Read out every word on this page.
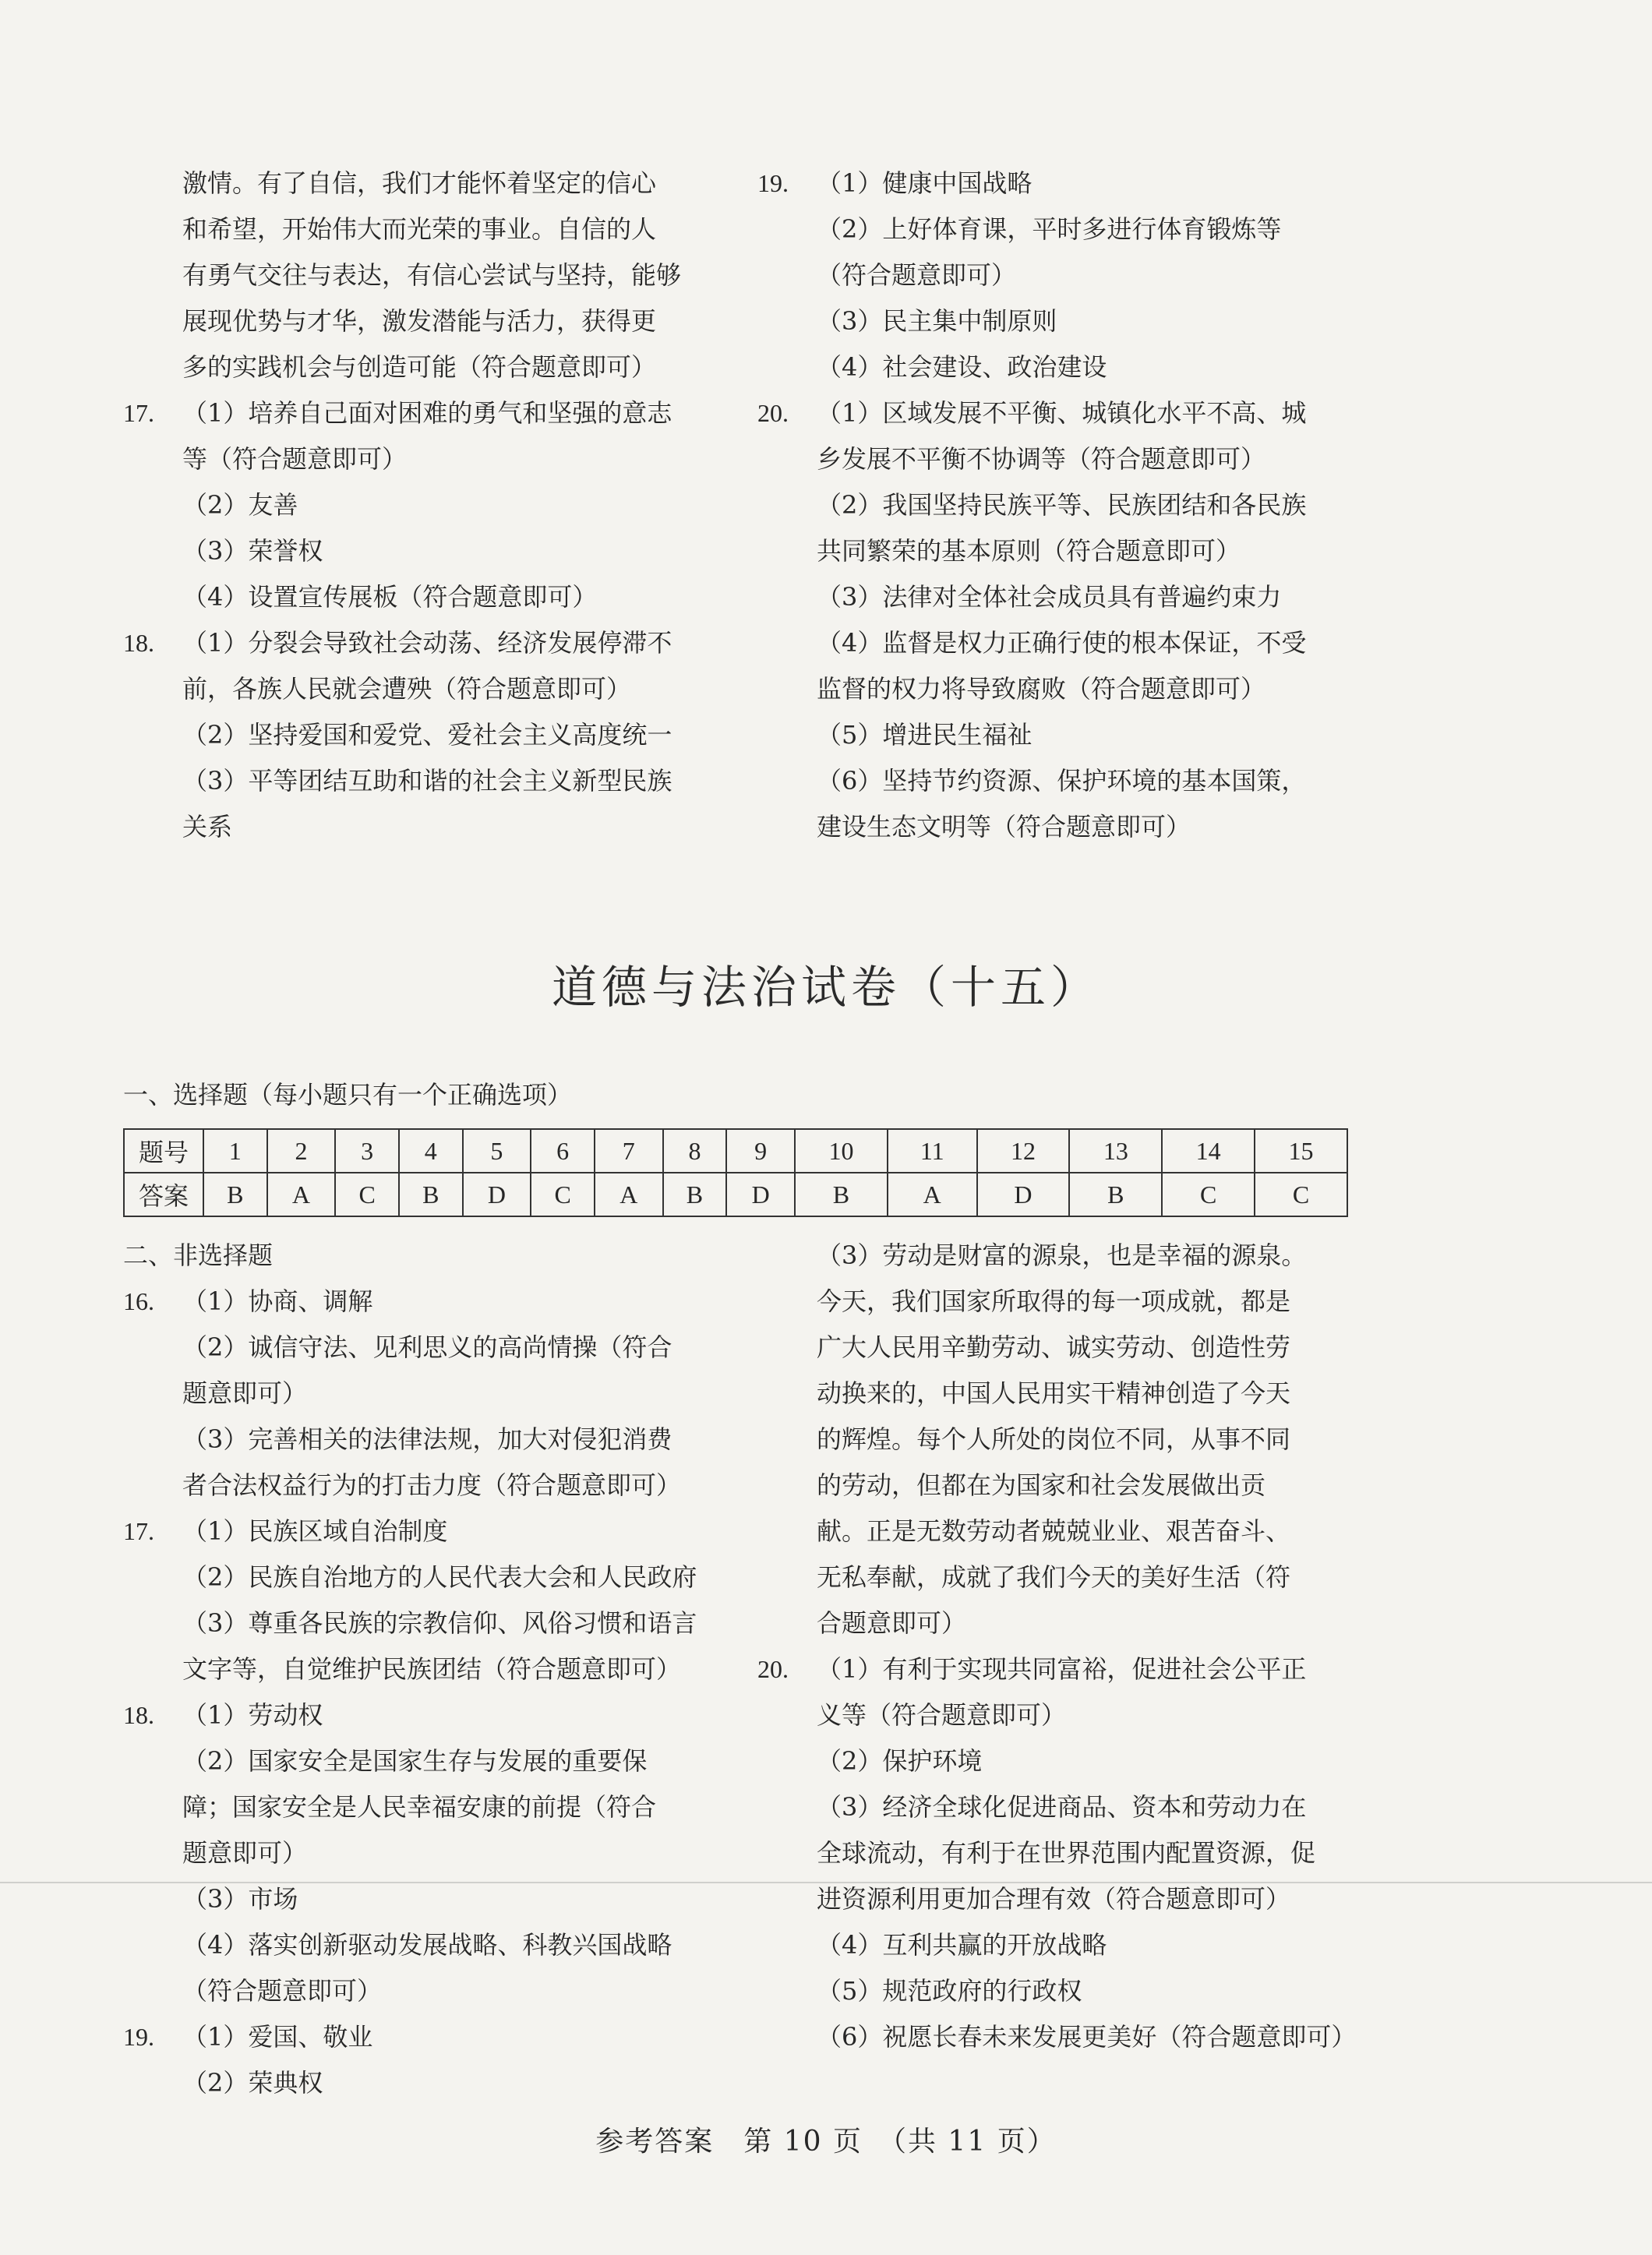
激情。有了自信，我们才能怀着坚定的信心
和希望，开始伟大而光荣的事业。自信的人
有勇气交往与表达，有信心尝试与坚持，能够
展现优势与才华，激发潜能与活力，获得更
多的实践机会与创造可能（符合题意即可）
17. （1）培养自己面对困难的勇气和坚强的意志
等（符合题意即可）
（2）友善
（3）荣誉权
（4）设置宣传展板（符合题意即可）
18. （1）分裂会导致社会动荡、经济发展停滞不
前，各族人民就会遭殃（符合题意即可）
（2）坚持爱国和爱党、爱社会主义高度统一
（3）平等团结互助和谐的社会主义新型民族
关系
19. （1）健康中国战略
（2）上好体育课，平时多进行体育锻炼等
（符合题意即可）
（3）民主集中制原则
（4）社会建设、政治建设
20. （1）区域发展不平衡、城镇化水平不高、城
乡发展不平衡不协调等（符合题意即可）
（2）我国坚持民族平等、民族团结和各民族
共同繁荣的基本原则（符合题意即可）
（3）法律对全体社会成员具有普遍约束力
（4）监督是权力正确行使的根本保证，不受
监督的权力将导致腐败（符合题意即可）
（5）增进民生福祉
（6）坚持节约资源、保护环境的基本国策，
建设生态文明等（符合题意即可）
道德与法治试卷（十五）
一、选择题（每小题只有一个正确选项）
题号	1	2	3	4	5	6	7	8	9	10	11	12	13	14	15
答案	B	A	C	B	D	C	A	B	D	B	A	D	B	C	C
二、非选择题
16. （1）协商、调解
（2）诚信守法、见利思义的高尚情操（符合
题意即可）
（3）完善相关的法律法规，加大对侵犯消费
者合法权益行为的打击力度（符合题意即可）
17. （1）民族区域自治制度
（2）民族自治地方的人民代表大会和人民政府
（3）尊重各民族的宗教信仰、风俗习惯和语言
文字等，自觉维护民族团结（符合题意即可）
18. （1）劳动权
（2）国家安全是国家生存与发展的重要保
障；国家安全是人民幸福安康的前提（符合
题意即可）
（3）市场
（4）落实创新驱动发展战略、科教兴国战略
（符合题意即可）
19. （1）爱国、敬业
（2）荣典权
（3）劳动是财富的源泉，也是幸福的源泉。
今天，我们国家所取得的每一项成就，都是
广大人民用辛勤劳动、诚实劳动、创造性劳
动换来的，中国人民用实干精神创造了今天
的辉煌。每个人所处的岗位不同，从事不同
的劳动，但都在为国家和社会发展做出贡
献。正是无数劳动者兢兢业业、艰苦奋斗、
无私奉献，成就了我们今天的美好生活（符
合题意即可）
20. （1）有利于实现共同富裕，促进社会公平正
义等（符合题意即可）
（2）保护环境
（3）经济全球化促进商品、资本和劳动力在
全球流动，有利于在世界范围内配置资源，促
进资源利用更加合理有效（符合题意即可）
（4）互利共赢的开放战略
（5）规范政府的行政权
（6）祝愿长春未来发展更美好（符合题意即可）
参考答案　第 10 页　（共 11 页）
